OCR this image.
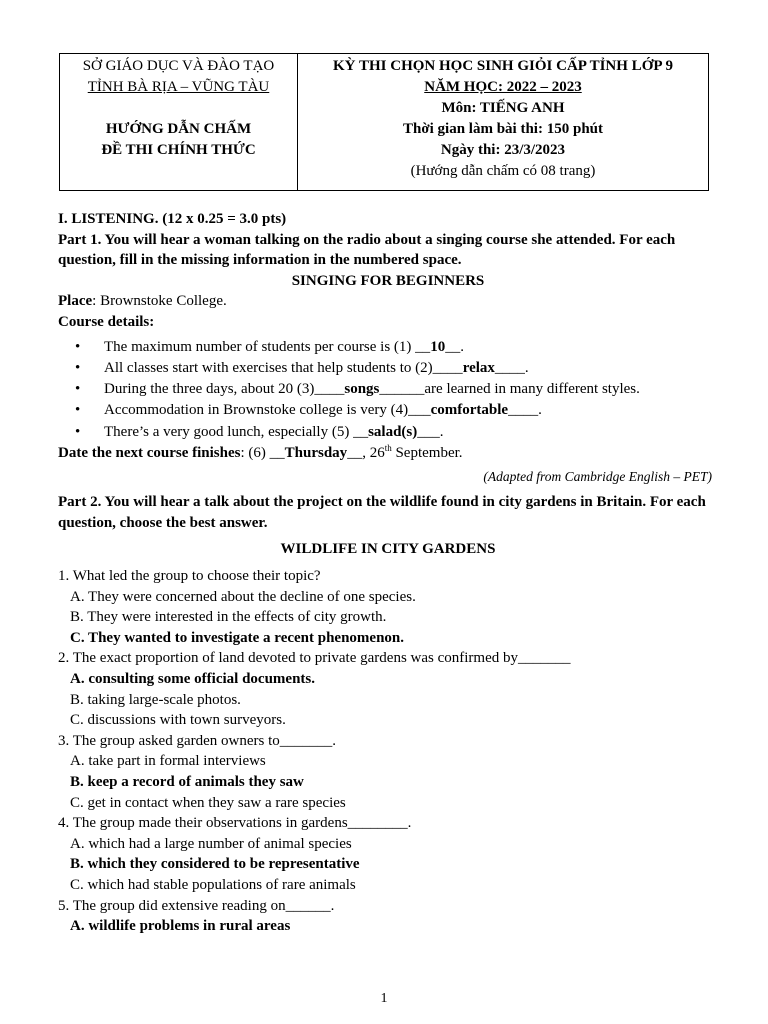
SỞ GIÁO DỤC VÀ ĐÀO TẠO

TỈNH BÀ RỊA – VŨNG TÀU

HƯỚNG DẪN CHẤM

ĐỀ THI CHÍNH THỨC

KỲ THI CHỌN HỌC SINH GIỎI CẤP TỈNH LỚP 9

NĂM HỌC: 2022 – 2023

Môn: TIẾNG ANH

Thời gian làm bài thi: 150 phút

Ngày thi: 23/3/2023

(Hướng dẫn chấm có 08 trang)

I. LISTENING. (12 x 0.25 = 3.0 pts)

Part 1. You will hear a woman talking on the radio about a singing course she attended. For each question, fill in the missing information in the numbered space.

SINGING FOR BEGINNERS

Place: Brownstoke College.

Course details:

• The maximum number of students per course is (1) __10__.
• All classes start with exercises that help students to (2)____relax____.
• During the three days, about 20 (3)____songs______are learned in many different styles.
• Accommodation in Brownstoke college is very (4)___comfortable____.
• There’s a very good lunch, especially (5) __salad(s)___.

Date the next course finishes: (6) __Thursday__, 26th September.

(Adapted from Cambridge English – PET)

Part 2. You will hear a talk about the project on the wildlife found in city gardens in Britain. For each question, choose the best answer.

WILDLIFE IN CITY GARDENS

1. What led the group to choose their topic?

A. They were concerned about the decline of one species.

B. They were interested in the effects of city growth.

C. They wanted to investigate a recent phenomenon.

2. The exact proportion of land devoted to private gardens was confirmed by_______

A. consulting some official documents.

B. taking large-scale photos.

C. discussions with town surveyors.

3. The group asked garden owners to_______.

A. take part in formal interviews

B. keep a record of animals they saw

C. get in contact when they saw a rare species

4. The group made their observations in gardens________.

A. which had a large number of animal species

B. which they considered to be representative

C. which had stable populations of rare animals

5. The group did extensive reading on______.

A. wildlife problems in rural areas

1
